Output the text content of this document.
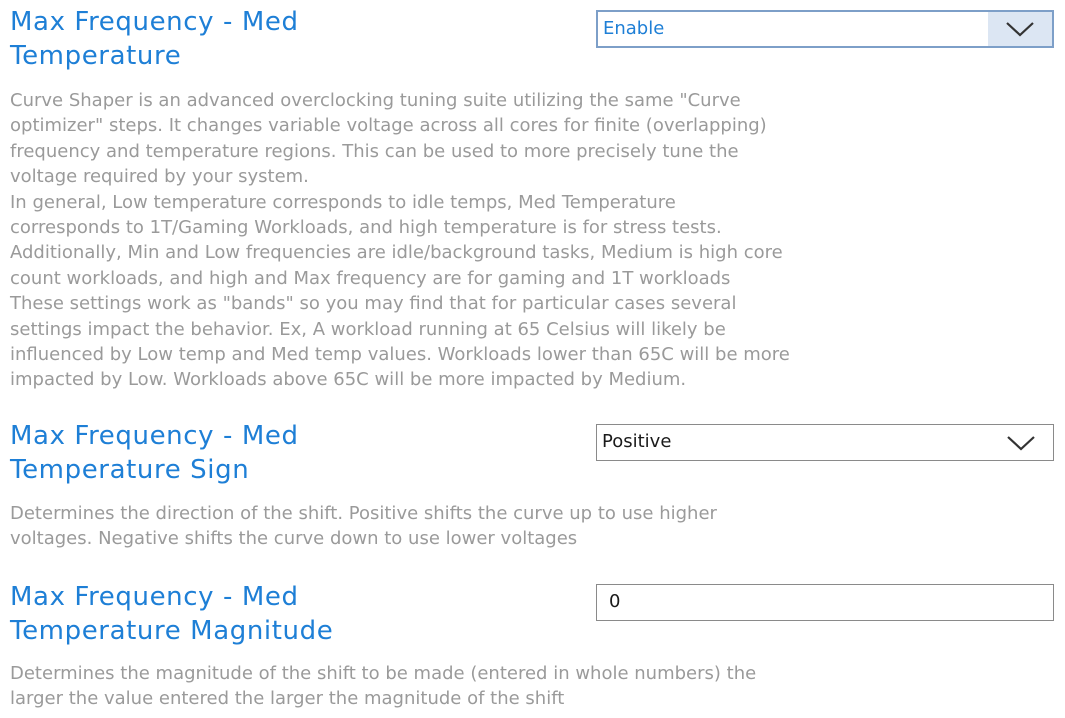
Max Frequency - Med
Temperature
Enable

Curve Shaper is an advanced overclocking tuning suite utilizing the same "Curve
optimizer" steps. It changes variable voltage across all cores for finite (overlapping)
frequency and temperature regions. This can be used to more precisely tune the
voltage required by your system.
In general, Low temperature corresponds to idle temps, Med Temperature
corresponds to 1T/Gaming Workloads, and high temperature is for stress tests.
Additionally, Min and Low frequencies are idle/background tasks, Medium is high core
count workloads, and high and Max frequency are for gaming and 1T workloads
These settings work as "bands" so you may find that for particular cases several
settings impact the behavior. Ex, A workload running at 65 Celsius will likely be
influenced by Low temp and Med temp values. Workloads lower than 65C will be more
impacted by Low. Workloads above 65C will be more impacted by Medium.

Max Frequency - Med
Temperature Sign
Positive

Determines the direction of the shift. Positive shifts the curve up to use higher
voltages. Negative shifts the curve down to use lower voltages

Max Frequency - Med
Temperature Magnitude
0

Determines the magnitude of the shift to be made (entered in whole numbers) the
larger the value entered the larger the magnitude of the shift
